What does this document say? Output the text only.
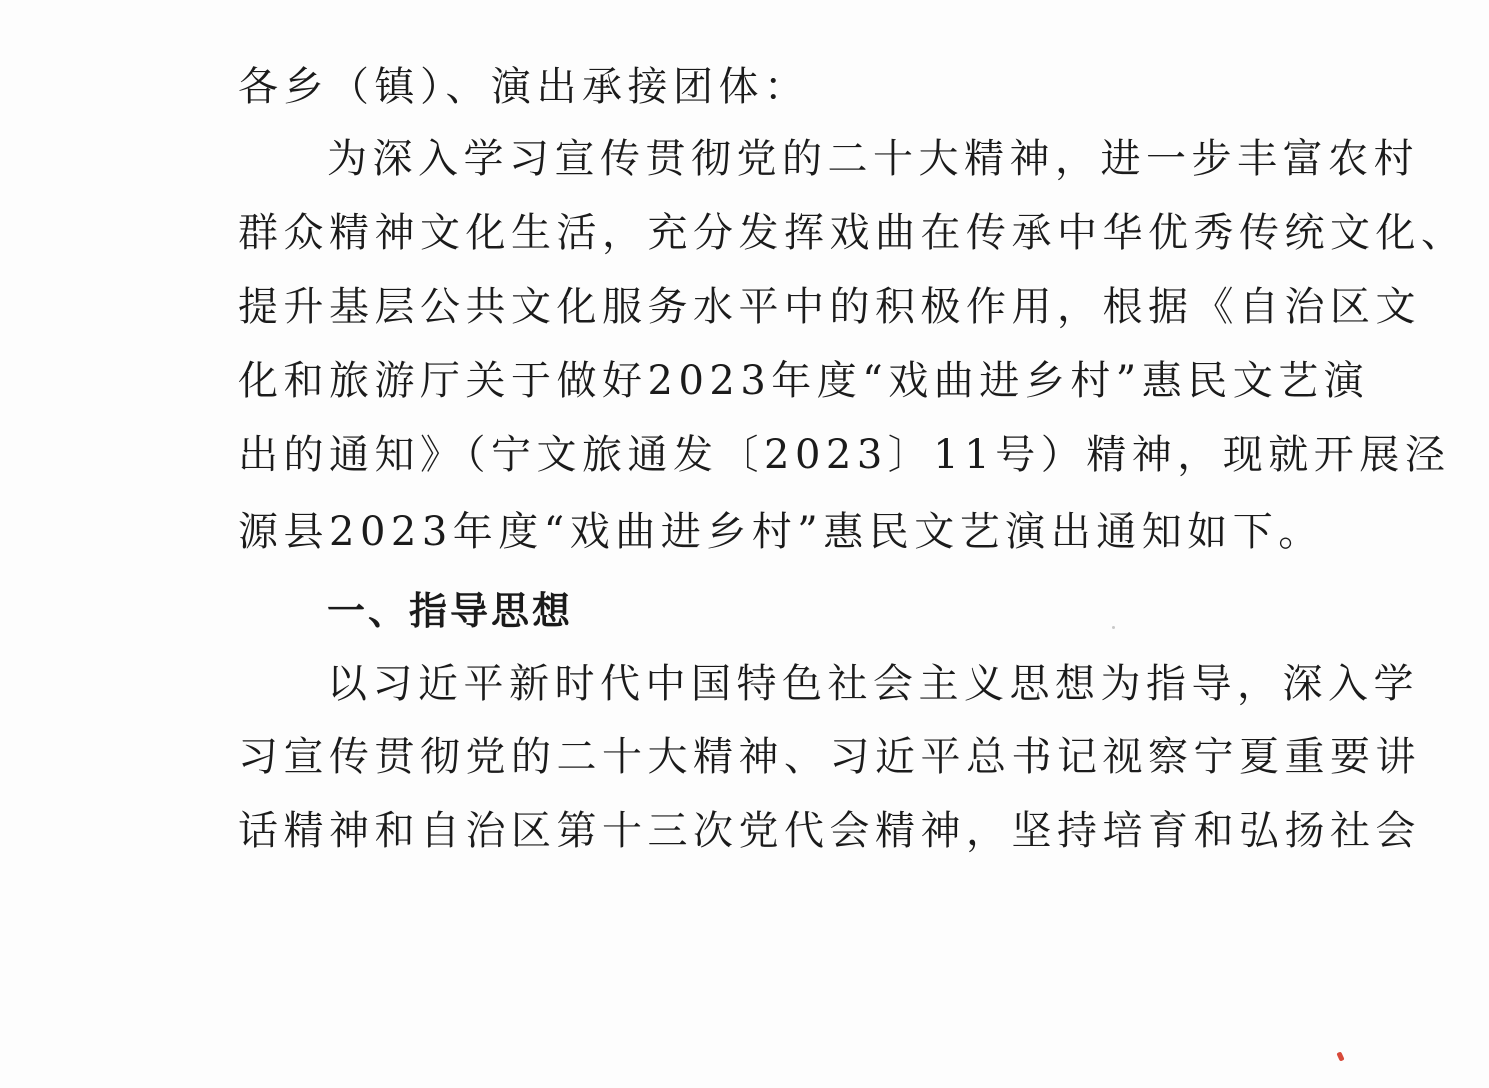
各乡（镇）、演出承接团体：
为深入学习宣传贯彻党的二十大精神，进一步丰富农村
群众精神文化生活，充分发挥戏曲在传承中华优秀传统文化、
提升基层公共文化服务水平中的积极作用，根据《自治区文
化和旅游厅关于做好2023年度“戏曲进乡村”惠民文艺演
出的通知》（宁文旅通发〔2023〕11号）精神，现就开展泾
源县2023年度“戏曲进乡村”惠民文艺演出通知如下。
一、指导思想
以习近平新时代中国特色社会主义思想为指导，深入学
习宣传贯彻党的二十大精神、习近平总书记视察宁夏重要讲
话精神和自治区第十三次党代会精神，坚持培育和弘扬社会
